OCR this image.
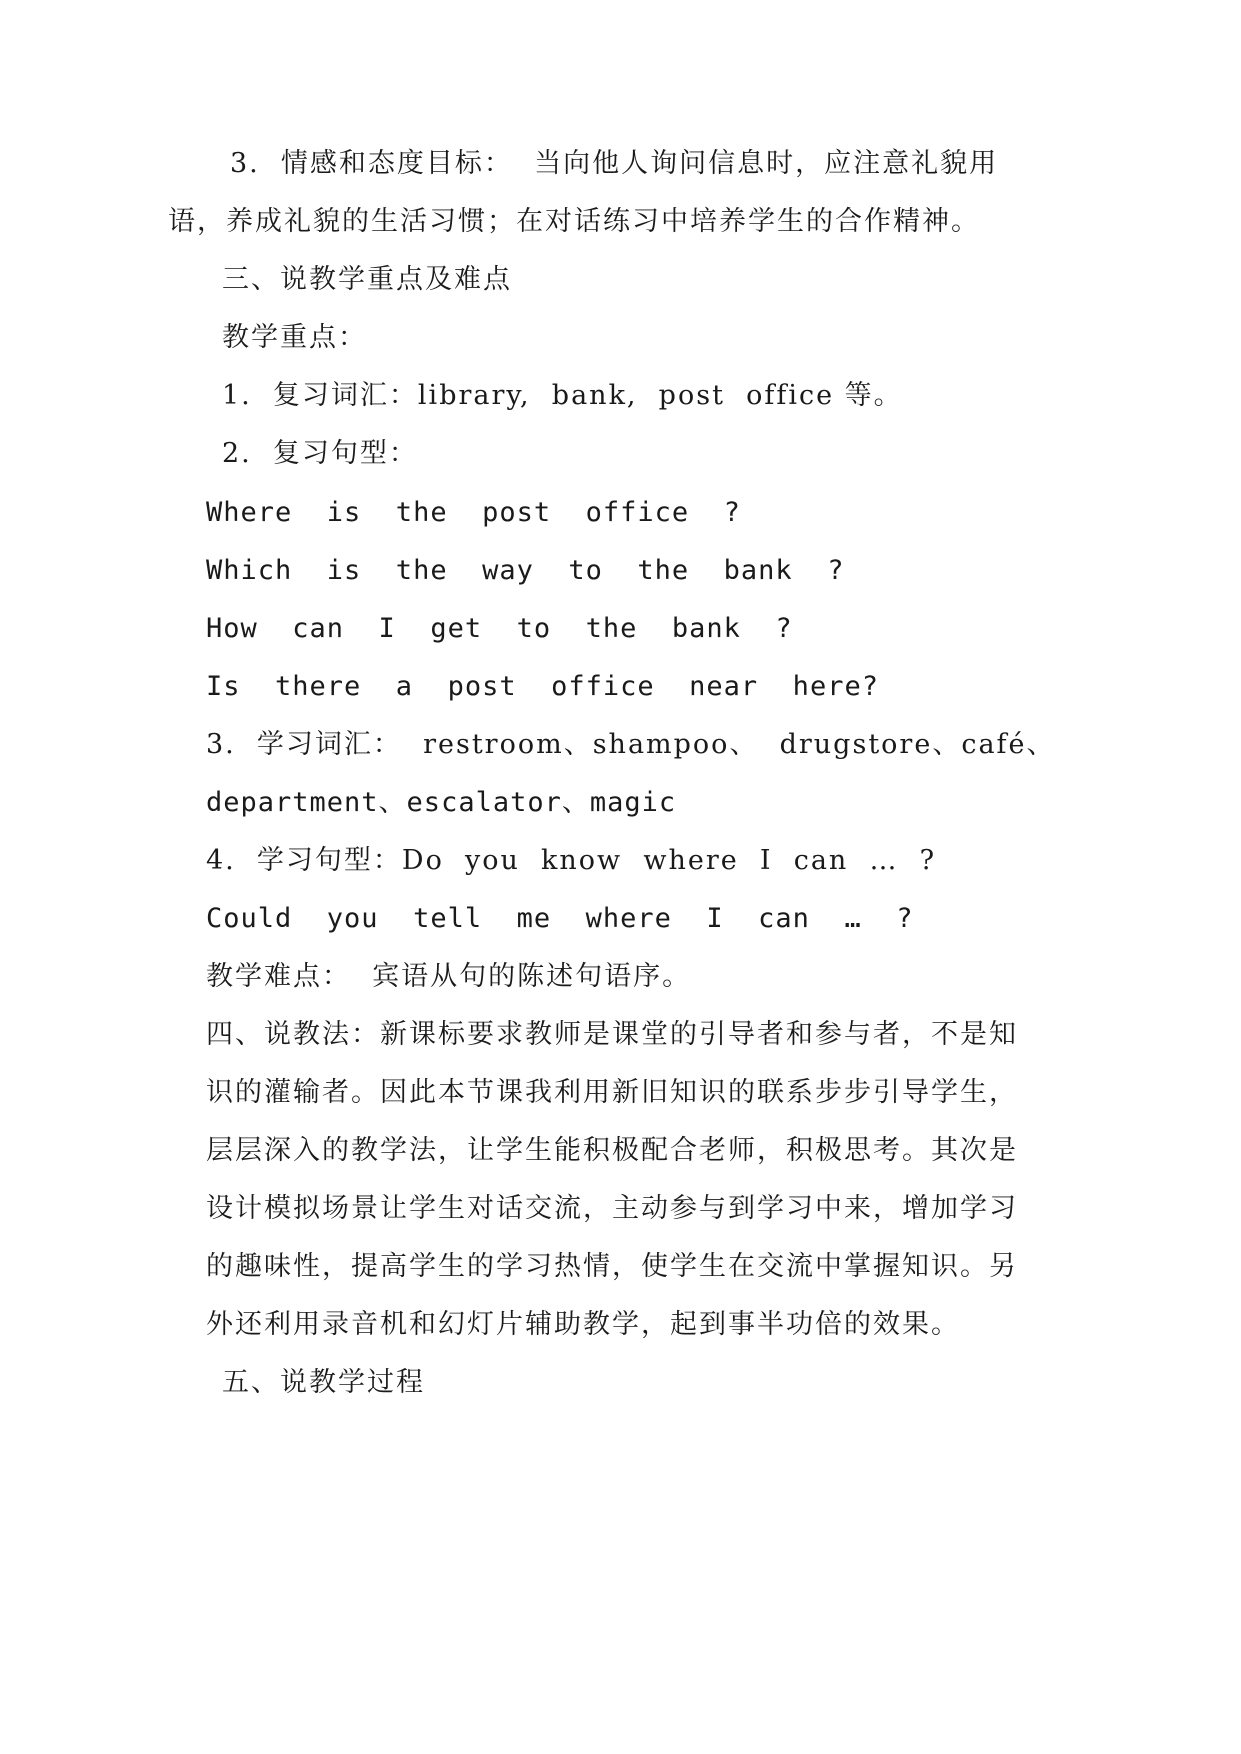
3.  情感和态度目标：  当向他人询问信息时，应注意礼貌用

语，养成礼貌的生活习惯；在对话练习中培养学生的合作精神。

三、说教学重点及难点

教学重点：

1.  复习词汇：library,  bank,  post  office 等。

2.  复习句型：

Where  is  the  post  office  ?

Which  is  the  way  to  the  bank  ?

How  can  I  get  to  the  bank  ?

Is  there  a  post  office  near  here?

3.  学习词汇：  restroom、shampoo、  drugstore、café、

department、escalator、magic

4.  学习句型：Do  you  know  where  I  can  …  ?

Could  you  tell  me  where  I  can  …  ?

教学难点：  宾语从句的陈述句语序。

四、说教法：新课标要求教师是课堂的引导者和参与者，不是知

识的灌输者。因此本节课我利用新旧知识的联系步步引导学生，

层层深入的教学法，让学生能积极配合老师，积极思考。其次是

设计模拟场景让学生对话交流，主动参与到学习中来，增加学习

的趣味性，提高学生的学习热情，使学生在交流中掌握知识。另

外还利用录音机和幻灯片辅助教学，起到事半功倍的效果。

五、说教学过程
